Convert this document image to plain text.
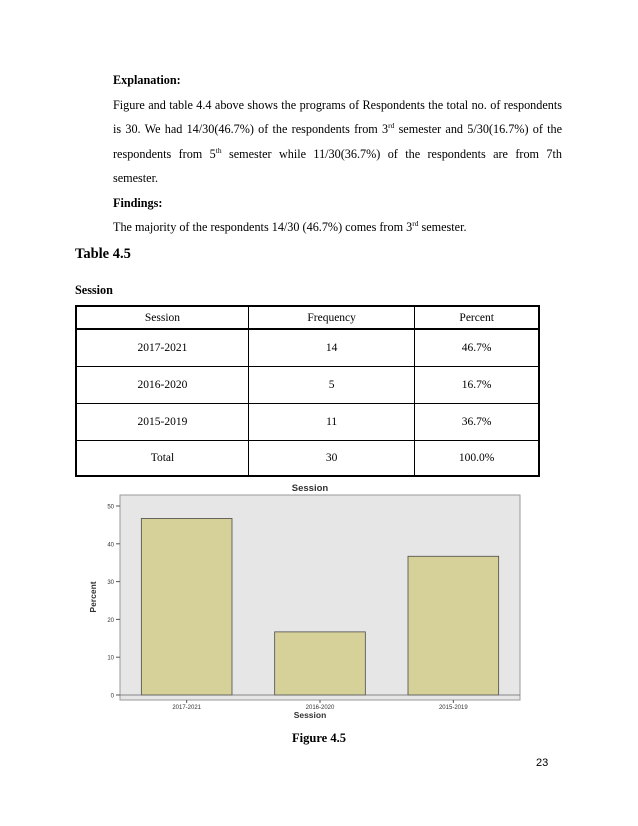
Explanation:
Figure and table 4.4 above shows the programs of Respondents the total no. of respondents is 30. We had 14/30(46.7%) of the respondents from 3rd semester and 5/30(16.7%) of the respondents from 5th semester while 11/30(36.7%) of the respondents are from 7th semester.
Findings:
The majority of the respondents 14/30 (46.7%) comes from 3rd semester.
Table 4.5
Session
Session	Frequency	Percent
2017-2021	14	46.7%
2016-2020	5	16.7%
2015-2019	11	36.7%
Total	30	100.0%
0
10
20
30
40
50
2017-2021	2016-2020	2015-2019
Session
Session
Percent
Figure 4.5
23
